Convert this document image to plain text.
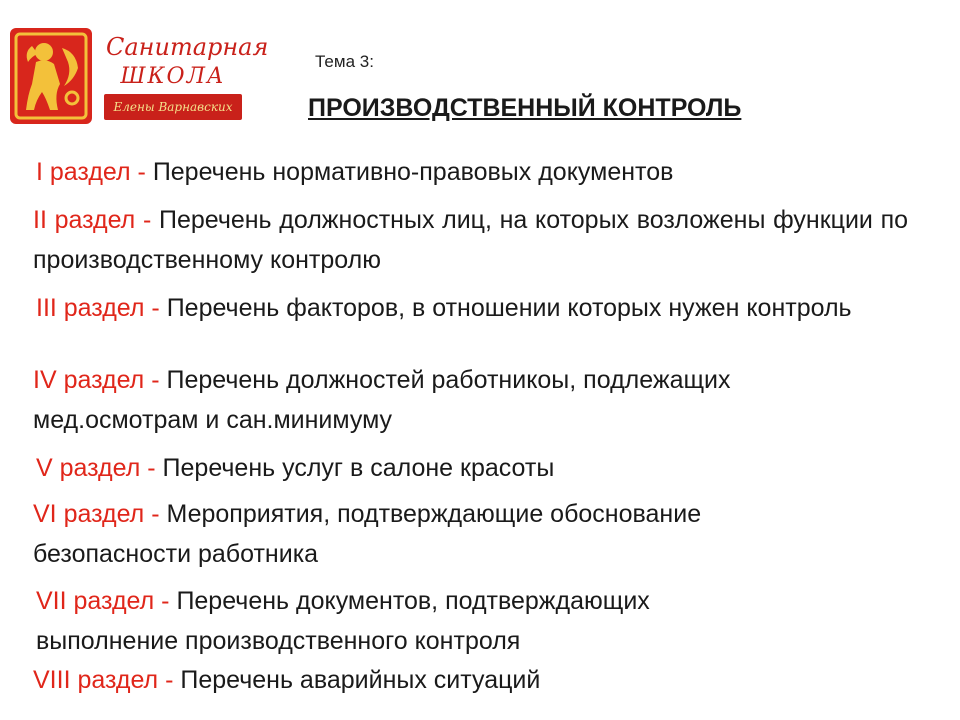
Санитарная
ШКОЛА
Елены Варнавских
Тема 3:
ПРОИЗВОДСТВЕННЫЙ КОНТРОЛЬ

I раздел - Перечень нормативно-правовых документов

II раздел - Перечень должностных лиц, на которых возложены функции по производственному контролю

III раздел - Перечень факторов, в отношении которых нужен контроль

IV раздел - Перечень должностей работникоы, подлежащих мед.осмотрам и сан.минимуму

V раздел - Перечень услуг в салоне красоты

VI раздел - Мероприятия, подтверждающие обоснование безопасности работника

VII раздел - Перечень документов, подтверждающих выполнение производственного контроля

VIII раздел - Перечень аварийных ситуаций
